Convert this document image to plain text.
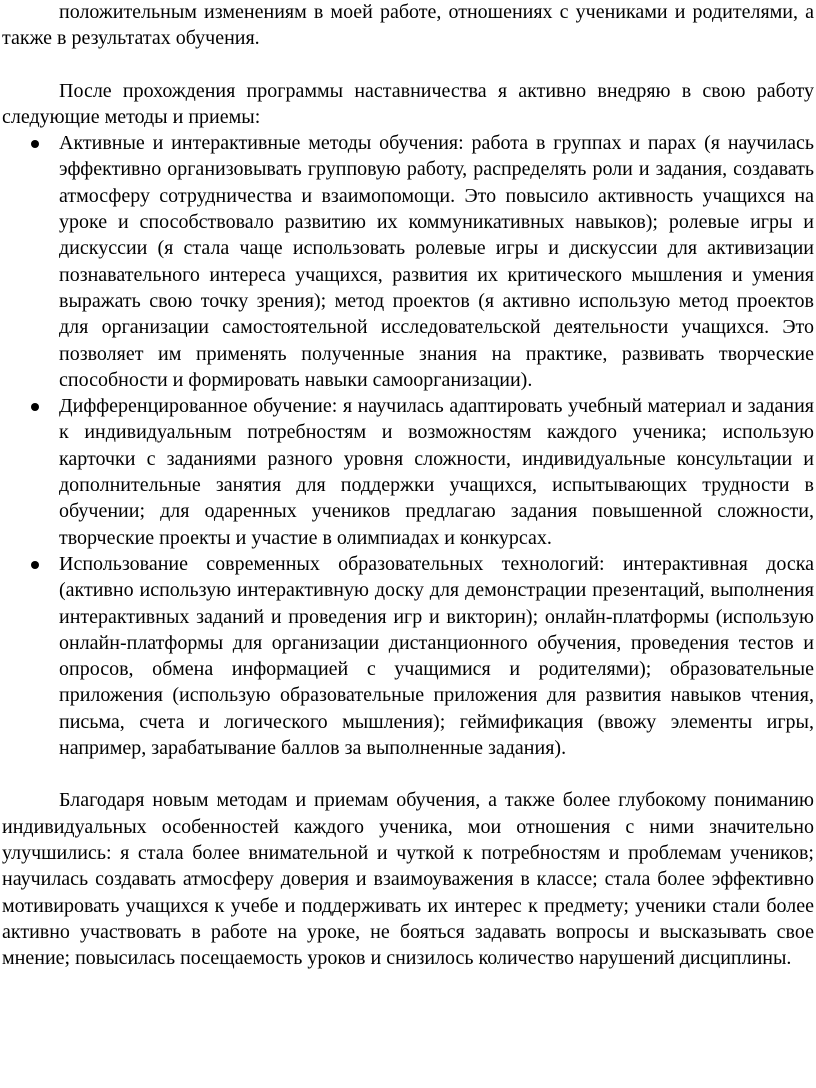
положительным изменениям в моей работе, отношениях с учениками и родителями, а также в результатах обучения.

После прохождения программы наставничества я активно внедряю в свою работу следующие методы и приемы:

Активные и интерактивные методы обучения: работа в группах и парах (я научилась эффективно организовывать групповую работу, распределять роли и задания, создавать атмосферу сотрудничества и взаимопомощи. Это повысило активность учащихся на уроке и способствовало развитию их коммуникативных навыков); ролевые игры и дискуссии (я стала чаще использовать ролевые игры и дискуссии для активизации познавательного интереса учащихся, развития их критического мышления и умения выражать свою точку зрения); метод проектов (я активно использую метод проектов для организации самостоятельной исследовательской деятельности учащихся. Это позволяет им применять полученные знания на практике, развивать творческие способности и формировать навыки самоорганизации).
Дифференцированное обучение: я научилась адаптировать учебный материал и задания к индивидуальным потребностям и возможностям каждого ученика; использую карточки с заданиями разного уровня сложности, индивидуальные консультации и дополнительные занятия для поддержки учащихся, испытывающих трудности в обучении; для одаренных учеников предлагаю задания повышенной сложности, творческие проекты и участие в олимпиадах и конкурсах.
Использование современных образовательных технологий: интерактивная доска (активно использую интерактивную доску для демонстрации презентаций, выполнения интерактивных заданий и проведения игр и викторин); онлайн-платформы (использую онлайн-платформы для организации дистанционного обучения, проведения тестов и опросов, обмена информацией с учащимися и родителями); образовательные приложения (использую образовательные приложения для развития навыков чтения, письма, счета и логического мышления); геймификация (ввожу элементы игры, например, зарабатывание баллов за выполненные задания).

Благодаря новым методам и приемам обучения, а также более глубокому пониманию индивидуальных особенностей каждого ученика, мои отношения с ними значительно улучшились: я стала более внимательной и чуткой к потребностям и проблемам учеников; научилась создавать атмосферу доверия и взаимоуважения в классе; стала более эффективно мотивировать учащихся к учебе и поддерживать их интерес к предмету; ученики стали более активно участвовать в работе на уроке, не бояться задавать вопросы и высказывать свое мнение; повысилась посещаемость уроков и снизилось количество нарушений дисциплины.
